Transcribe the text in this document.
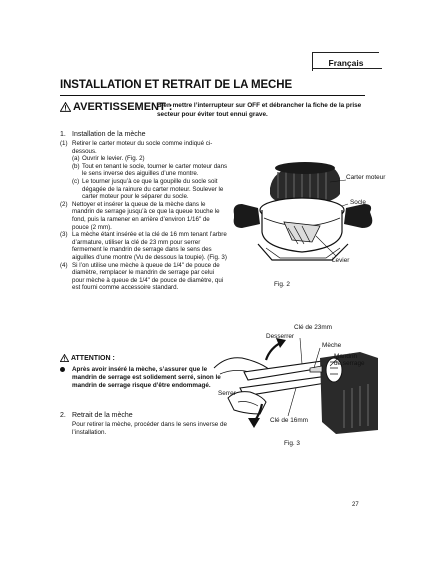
Français
INSTALLATION ET RETRAIT DE LA MECHE
AVERTISSEMENT :
Bien mettre l’interrupteur sur OFF et débrancher la fiche de la prise secteur pour éviter tout ennui grave.
1. Installation de la mèche

(1) Retirer le carter moteur du socle comme indiqué ci-dessous.

(a) Ouvrir le levier. (Fig. 2)

(b) Tout en tenant le socle, tourner le carter moteur dans le sens inverse des aiguilles d’une montre.

(c) Le tourner jusqu’à ce que la goupille du socle soit dégagée de la rainure du carter moteur. Soulever le carter moteur pour le séparer du socle.

(2) Nettoyer et insérer la queue de la mèche dans le mandrin de serrage jusqu’à ce que la queue touche le fond, puis la ramener en arrière d’environ 1/16" de pouce (2 mm).

(3) La mèche étant insérée et la clé de 16 mm tenant l’arbre d’armature, utiliser la clé de 23 mm pour serrer fermement le mandrin de serrage dans le sens des aiguilles d’une montre (Vu de dessous la toupie). (Fig. 3)

(4) Si l’on utilise une mèche à queue de 1/4" de pouce de diamètre, remplacer le mandrin de serrage par celui pour mèche à queue de 1/4" de pouce de diamètre, qui est fourni comme accessoire standard.

ATTENTION :
Après avoir inséré la mèche, s’assurer que le mandrin de serrage est solidement serré, sinon le mandrin de serrage risque d’être endommagé.
2. Retrait de la mèche
Pour retirer la mèche, procéder dans le sens inverse de l’installation.
Carter moteur
Socle
Levier
Fig. 2
Clé de 23mm
Desserrer
Mèche
Mandrin
de serrage
Serrer
Clé de 16mm
Fig. 3
27
